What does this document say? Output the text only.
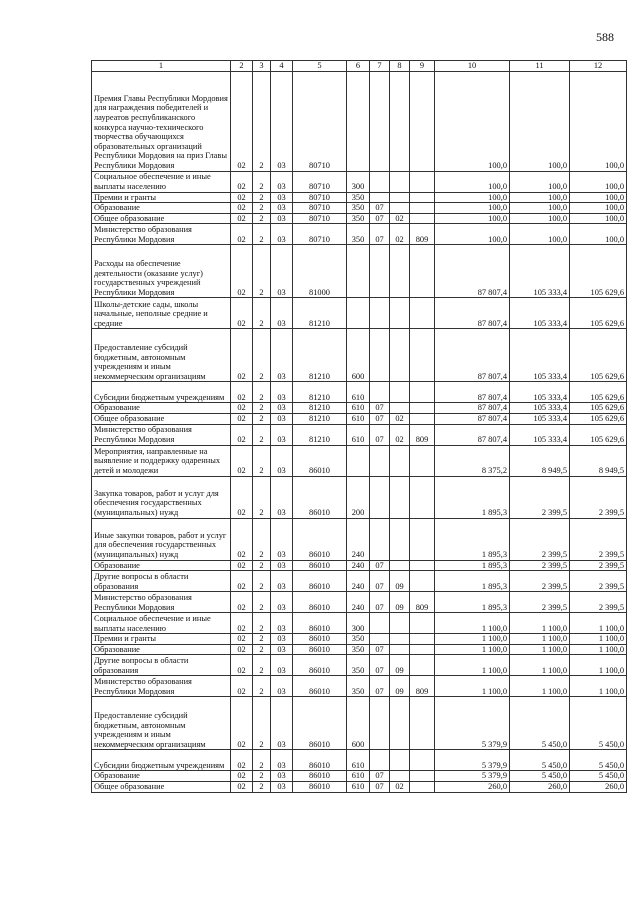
588
1	2	3	4	5	6	7	8	9	10	11	12
Премия Главы Республики Мордовия для награждения победителей и лауреатов республиканского конкурса научно-технического творчества обучающихся образовательных организаций Республики Мордовия на приз Главы Республики Мордовия	02	2	03	80710					100,0	100,0	100,0
Социальное обеспечение и иные выплаты населению	02	2	03	80710	300				100,0	100,0	100,0
Премии и гранты	02	2	03	80710	350				100,0	100,0	100,0
Образование	02	2	03	80710	350	07			100,0	100,0	100,0
Общее образование	02	2	03	80710	350	07	02		100,0	100,0	100,0
Министерство образования Республики Мордовия	02	2	03	80710	350	07	02	809	100,0	100,0	100,0
Расходы на обеспечение деятельности (оказание услуг) государственных учреждений Республики Мордовия	02	2	03	81000					87 807,4	105 333,4	105 629,6
Школы-детские сады, школы начальные, неполные средние и средние	02	2	03	81210					87 807,4	105 333,4	105 629,6
Предоставление субсидий бюджетным, автономным учреждениям и иным некоммерческим организациям	02	2	03	81210	600				87 807,4	105 333,4	105 629,6
Субсидии бюджетным учреждениям	02	2	03	81210	610				87 807,4	105 333,4	105 629,6
Образование	02	2	03	81210	610	07			87 807,4	105 333,4	105 629,6
Общее образование	02	2	03	81210	610	07	02		87 807,4	105 333,4	105 629,6
Министерство образования Республики Мордовия	02	2	03	81210	610	07	02	809	87 807,4	105 333,4	105 629,6
Мероприятия, направленные на выявление и поддержку одаренных детей и молодежи	02	2	03	86010					8 375,2	8 949,5	8 949,5
Закупка товаров, работ и услуг для обеспечения государственных (муниципальных) нужд	02	2	03	86010	200				1 895,3	2 399,5	2 399,5
Иные закупки товаров, работ и услуг для обеспечения государственных (муниципальных) нужд	02	2	03	86010	240				1 895,3	2 399,5	2 399,5
Образование	02	2	03	86010	240	07			1 895,3	2 399,5	2 399,5
Другие вопросы в области образования	02	2	03	86010	240	07	09		1 895,3	2 399,5	2 399,5
Министерство образования Республики Мордовия	02	2	03	86010	240	07	09	809	1 895,3	2 399,5	2 399,5
Социальное обеспечение и иные выплаты населению	02	2	03	86010	300				1 100,0	1 100,0	1 100,0
Премии и гранты	02	2	03	86010	350				1 100,0	1 100,0	1 100,0
Образование	02	2	03	86010	350	07			1 100,0	1 100,0	1 100,0
Другие вопросы в области образования	02	2	03	86010	350	07	09		1 100,0	1 100,0	1 100,0
Министерство образования Республики Мордовия	02	2	03	86010	350	07	09	809	1 100,0	1 100,0	1 100,0
Предоставление субсидий бюджетным, автономным учреждениям и иным некоммерческим организациям	02	2	03	86010	600				5 379,9	5 450,0	5 450,0
Субсидии бюджетным учреждениям	02	2	03	86010	610				5 379,9	5 450,0	5 450,0
Образование	02	2	03	86010	610	07			5 379,9	5 450,0	5 450,0
Общее образование	02	2	03	86010	610	07	02		260,0	260,0	260,0
